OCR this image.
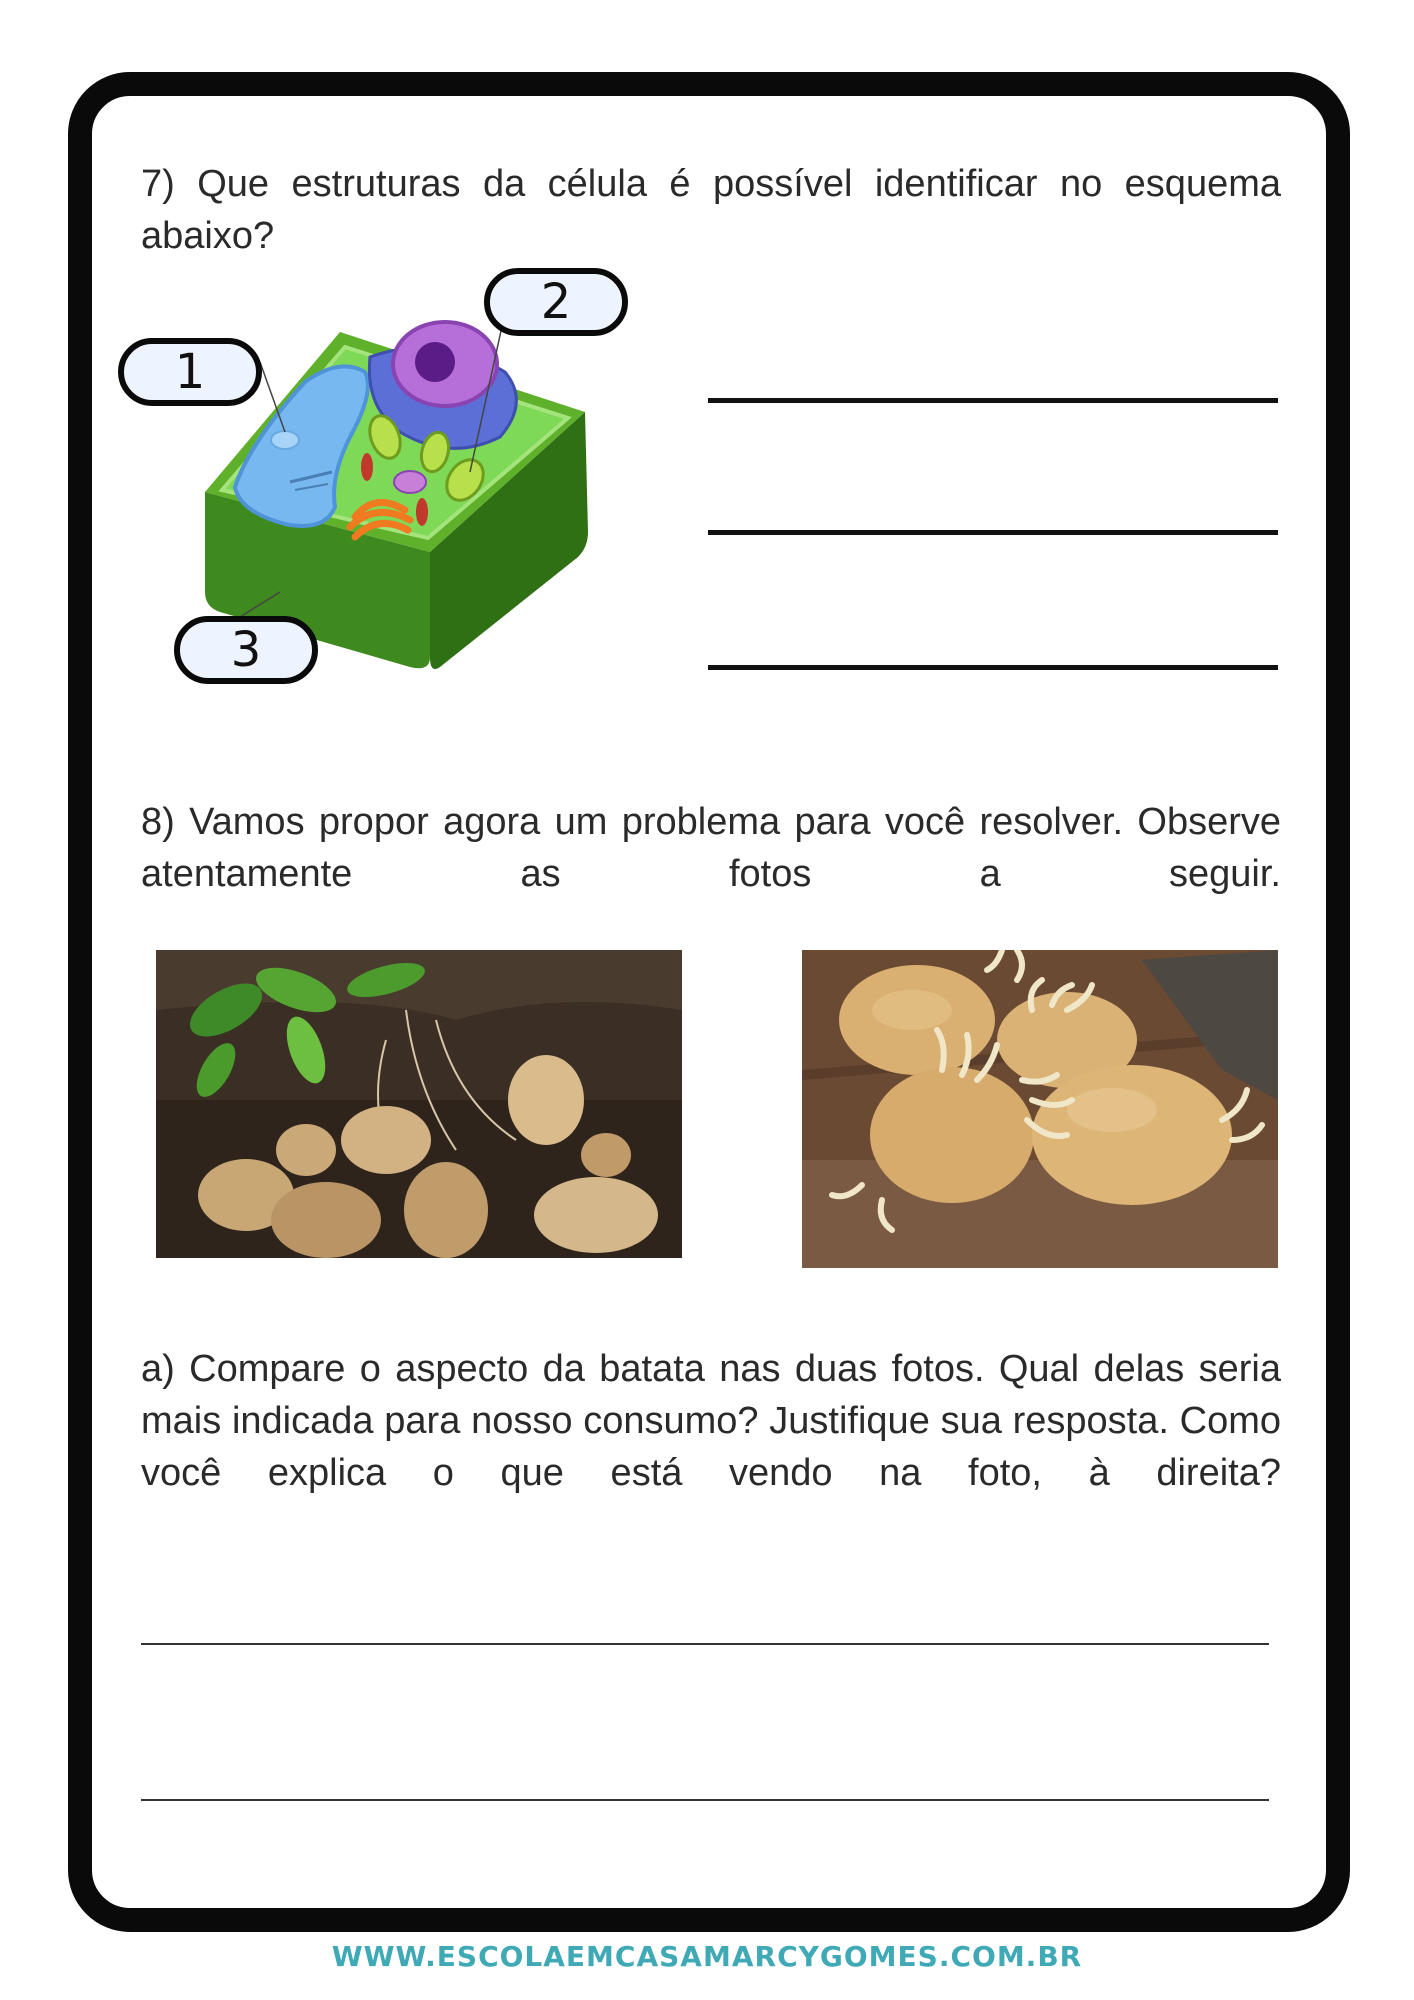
7) Que estruturas da célula é possível identificar no esquema abaixo?

1
2
3

8) Vamos propor agora um problema para você resolver. Observe atentamente as fotos a seguir.

a) Compare o aspecto da batata nas duas fotos. Qual delas seria mais indicada para nosso consumo? Justifique sua resposta. Como você explica o que está vendo na foto, à direita?

WWW.ESCOLAEMCASAMARCYGOMES.COM.BR
